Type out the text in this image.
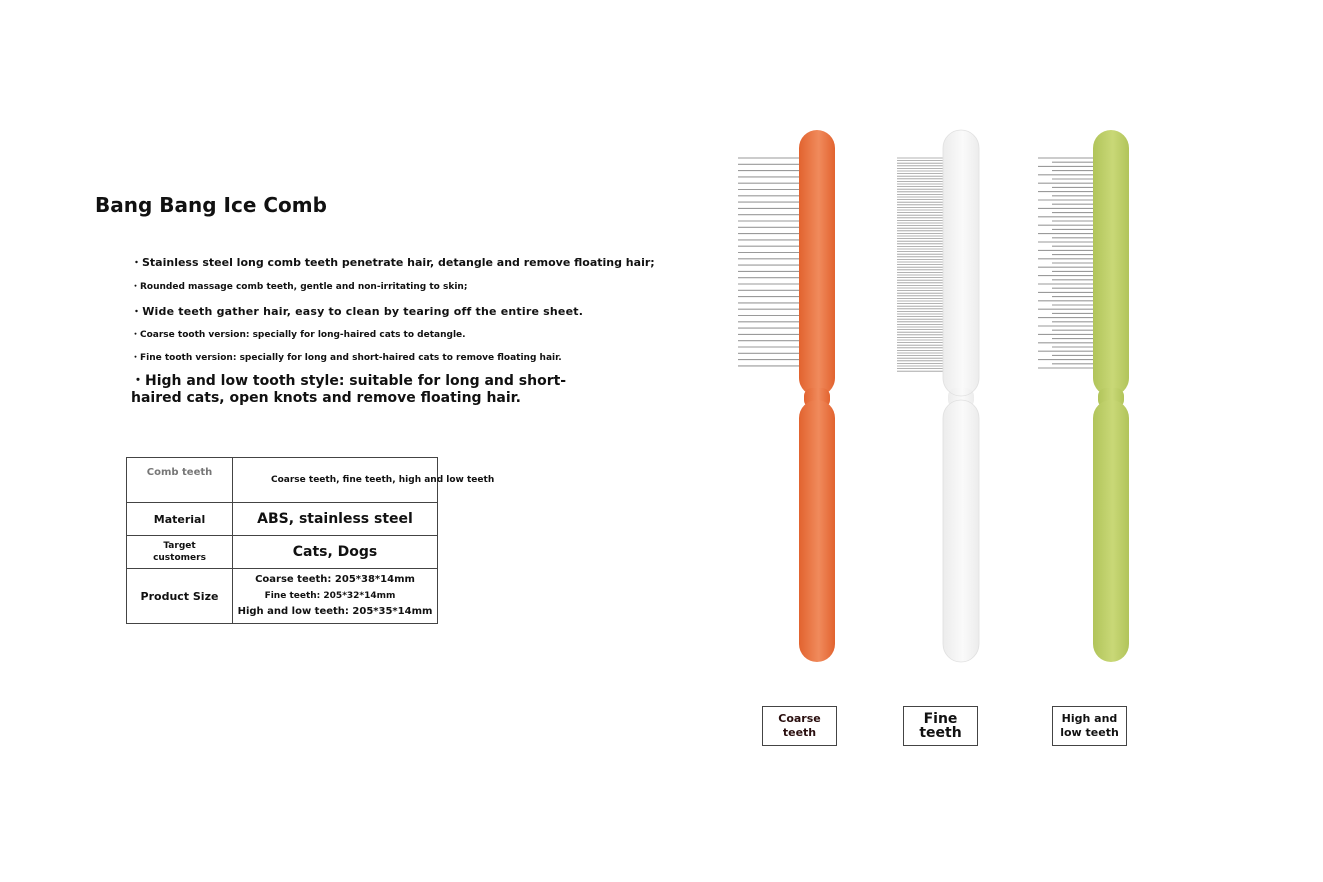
Bang Bang Ice Comb
・Stainless steel long comb teeth penetrate hair, detangle and remove floating hair;
・Rounded massage comb teeth, gentle and non-irritating to skin;
・Wide teeth gather hair, easy to clean by tearing off the entire sheet.
・Coarse tooth version: specially for long-haired cats to detangle.
・Fine tooth version: specially for long and short-haired cats to remove floating hair.
・High and low tooth style: suitable for long and short-haired cats, open knots and remove floating hair.
Comb teeth	Coarse teeth, fine teeth, high and low teeth
Material	ABS, stainless steel
Target
customers	Cats, Dogs
Product Size	Coarse teeth: 205*38*14mm
Fine teeth: 205*32*14mm
High and low teeth: 205*35*14mm
Coarse
teeth
Fine teeth
High and
low teeth
